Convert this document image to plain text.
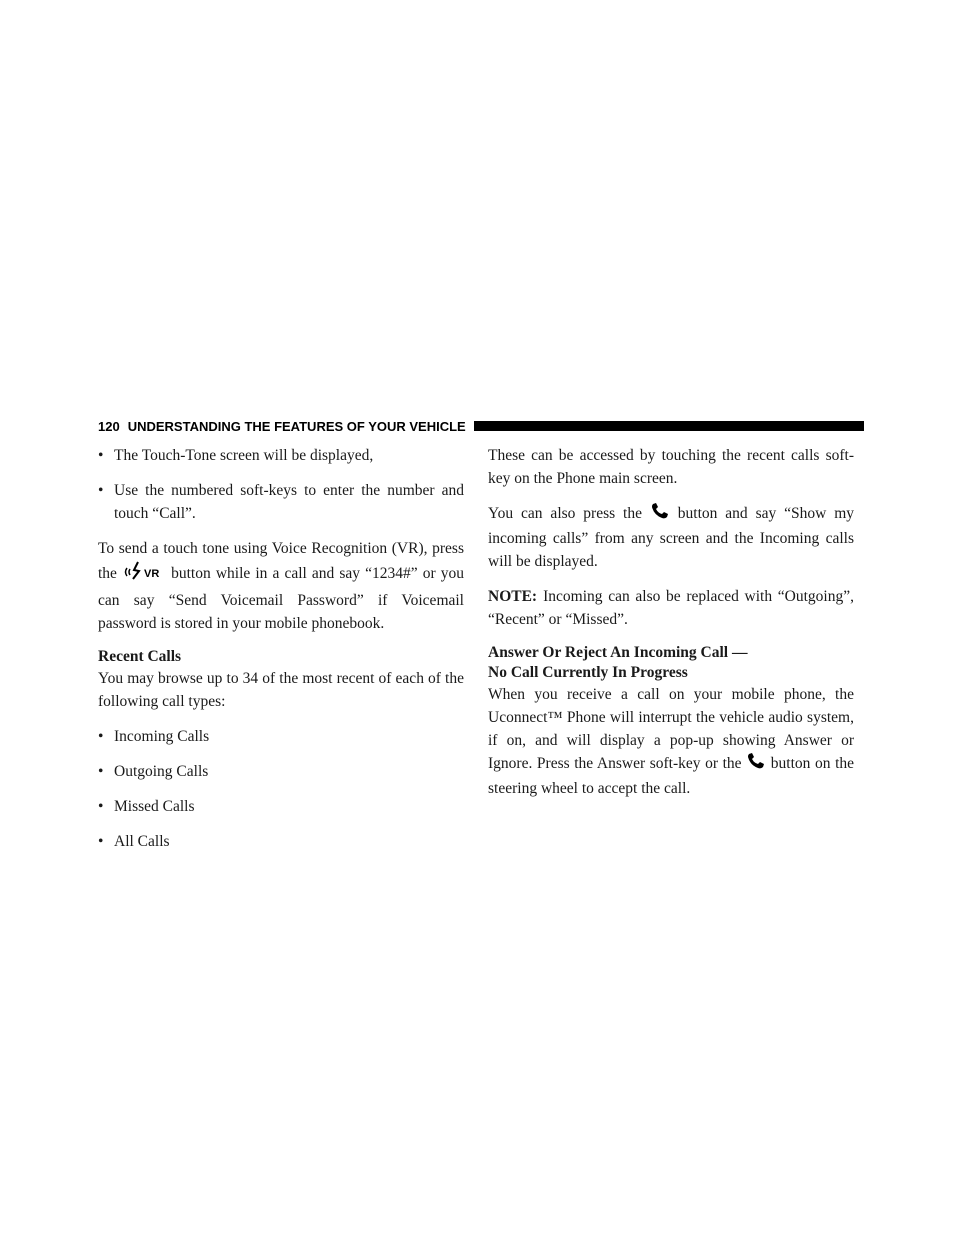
120 UNDERSTANDING THE FEATURES OF YOUR VEHICLE
• The Touch-Tone screen will be displayed,
• Use the numbered soft-keys to enter the number and touch “Call”.

To send a touch tone using Voice Recognition (VR), press the VR button while in a call and say “1234#” or you can say “Send Voicemail Password” if Voicemail password is stored in your mobile phonebook.

Recent Calls

You may browse up to 34 of the most recent of each of the following call types:

• Incoming Calls
• Outgoing Calls
• Missed Calls
• All Calls

These can be accessed by touching the recent calls soft-key on the Phone main screen.

You can also press the button and say “Show my incoming calls” from any screen and the Incoming calls will be displayed.

NOTE: Incoming can also be replaced with “Outgoing”, “Recent” or “Missed”.

Answer Or Reject An Incoming Call —
No Call Currently In Progress

When you receive a call on your mobile phone, the Uconnect™ Phone will interrupt the vehicle audio system, if on, and will display a pop-up showing Answer or Ignore. Press the Answer soft-key or the button on the steering wheel to accept the call.
